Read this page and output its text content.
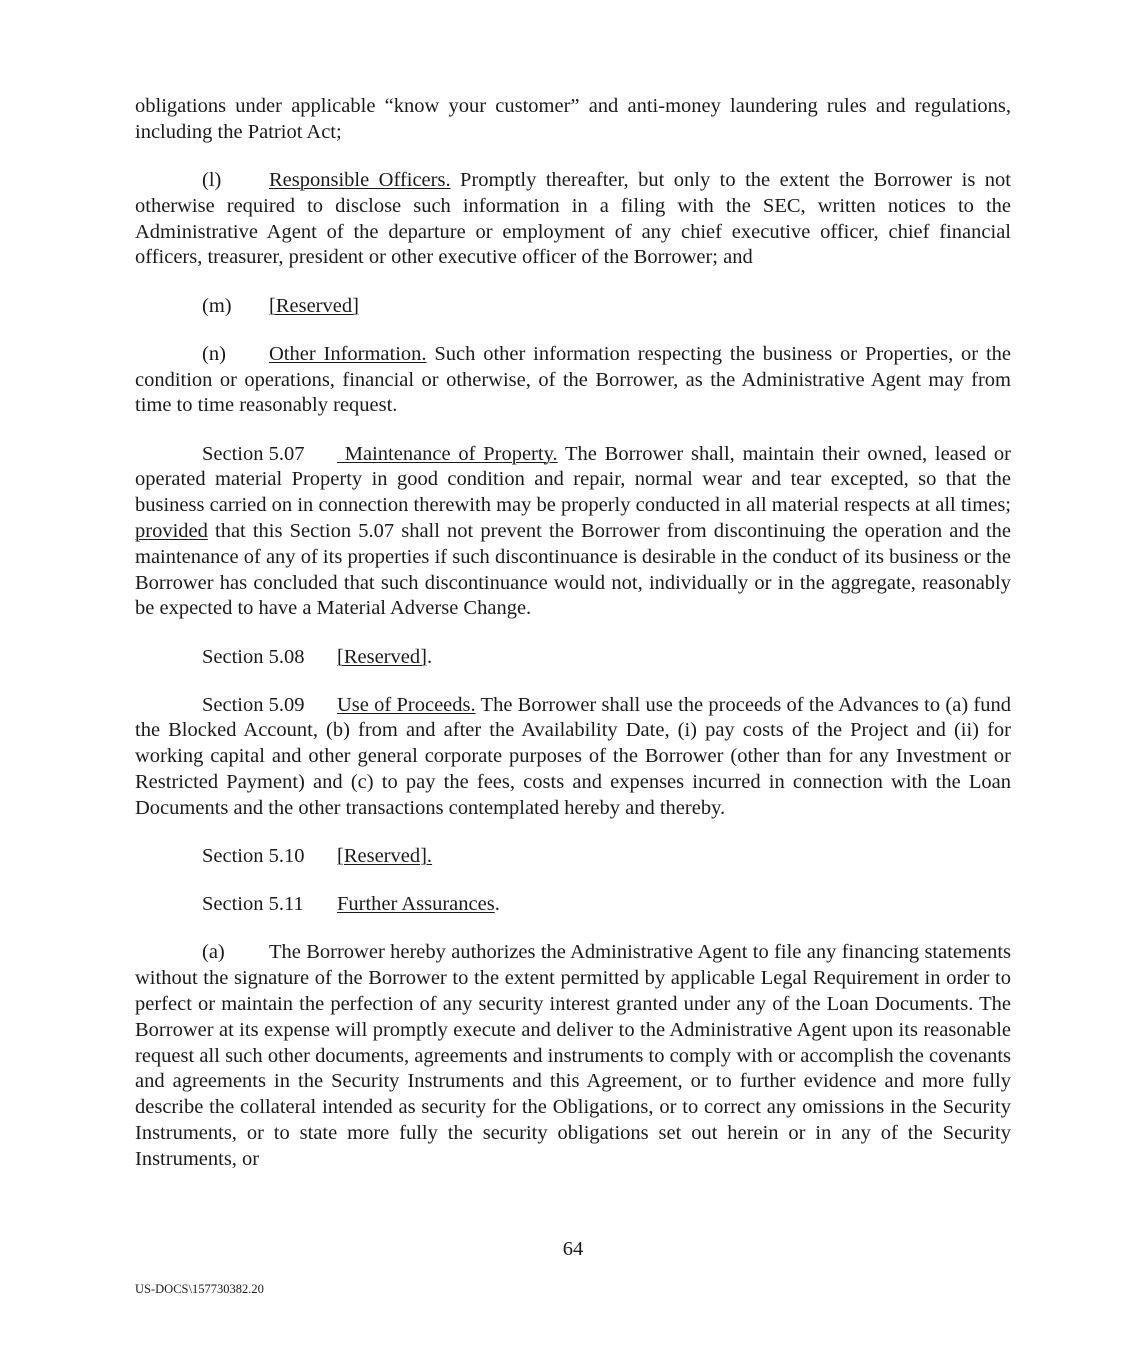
obligations under applicable “know your customer” and anti-money laundering rules and regulations, including the Patriot Act;

(l) Responsible Officers. Promptly thereafter, but only to the extent the Borrower is not otherwise required to disclose such information in a filing with the SEC, written notices to the Administrative Agent of the departure or employment of any chief executive officer, chief financial officers, treasurer, president or other executive officer of the Borrower; and

(m) [Reserved]

(n) Other Information. Such other information respecting the business or Properties, or the condition or operations, financial or otherwise, of the Borrower, as the Administrative Agent may from time to time reasonably request.

Section 5.07 Maintenance of Property. The Borrower shall, maintain their owned, leased or operated material Property in good condition and repair, normal wear and tear excepted, so that the business carried on in connection therewith may be properly conducted in all material respects at all times; provided that this Section 5.07 shall not prevent the Borrower from discontinuing the operation and the maintenance of any of its properties if such discontinuance is desirable in the conduct of its business or the Borrower has concluded that such discontinuance would not, individually or in the aggregate, reasonably be expected to have a Material Adverse Change.

Section 5.08 [Reserved].

Section 5.09 Use of Proceeds. The Borrower shall use the proceeds of the Advances to (a) fund the Blocked Account, (b) from and after the Availability Date, (i) pay costs of the Project and (ii) for working capital and other general corporate purposes of the Borrower (other than for any Investment or Restricted Payment) and (c) to pay the fees, costs and expenses incurred in connection with the Loan Documents and the other transactions contemplated hereby and thereby.

Section 5.10 [Reserved].

Section 5.11 Further Assurances.

(a) The Borrower hereby authorizes the Administrative Agent to file any financing statements without the signature of the Borrower to the extent permitted by applicable Legal Requirement in order to perfect or maintain the perfection of any security interest granted under any of the Loan Documents. The Borrower at its expense will promptly execute and deliver to the Administrative Agent upon its reasonable request all such other documents, agreements and instruments to comply with or accomplish the covenants and agreements in the Security Instruments and this Agreement, or to further evidence and more fully describe the collateral intended as security for the Obligations, or to correct any omissions in the Security Instruments, or to state more fully the security obligations set out herein or in any of the Security Instruments, or

64
US-DOCS\157730382.20
